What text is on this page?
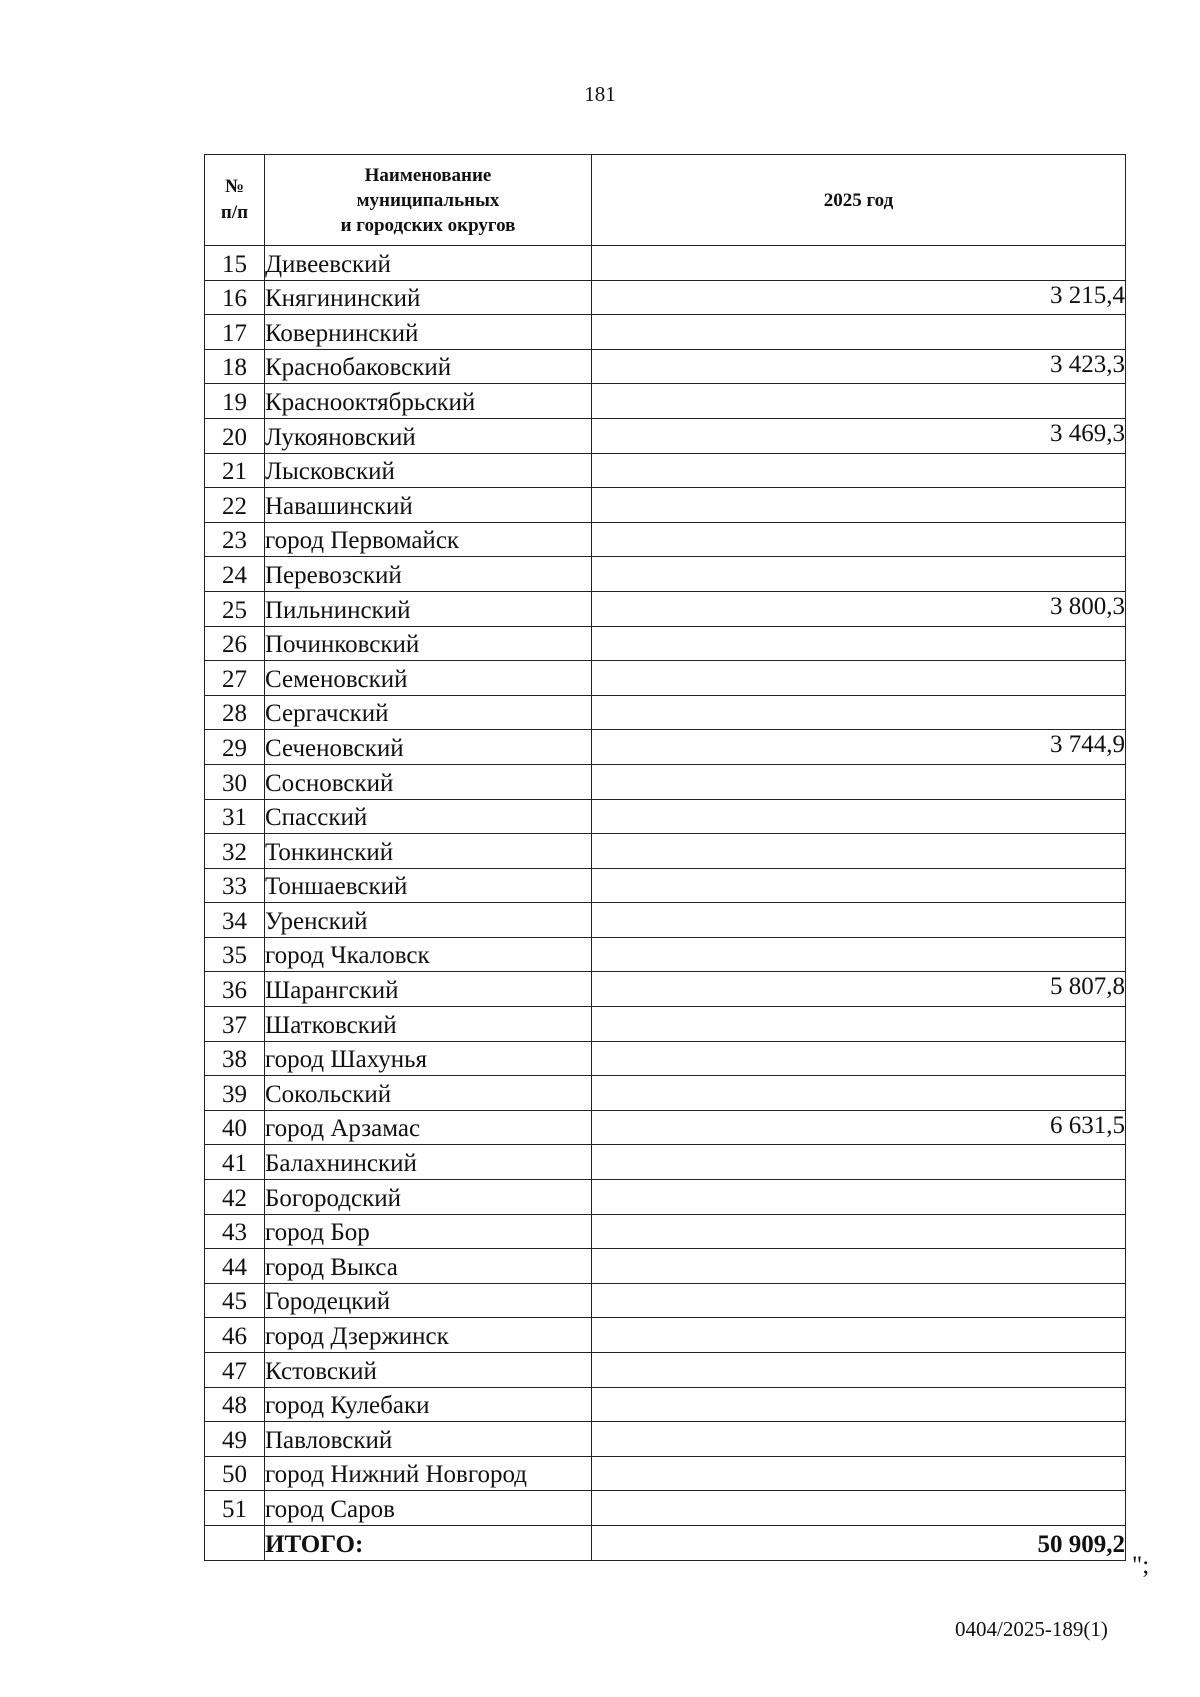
181
№
п/п	Наименование
муниципальных
и городских округов	2025 год
15	Дивеевский	
16	Княгининский	3 215,4
17	Ковернинский	
18	Краснобаковский	3 423,3
19	Краснооктябрьский	
20	Лукояновский	3 469,3
21	Лысковский	
22	Навашинский	
23	город Первомайск	
24	Перевозский	
25	Пильнинский	3 800,3
26	Починковский	
27	Семеновский	
28	Сергачский	
29	Сеченовский	3 744,9
30	Сосновский	
31	Спасский	
32	Тонкинский	
33	Тоншаевский	
34	Уренский	
35	город Чкаловск	
36	Шарангский	5 807,8
37	Шатковский	
38	город Шахунья	
39	Сокольский	
40	город Арзамас	6 631,5
41	Балахнинский	
42	Богородский	
43	город Бор	
44	город Выкса	
45	Городецкий	
46	город Дзержинск	
47	Кстовский	
48	город Кулебаки	
49	Павловский	
50	город Нижний Новгород	
51	город Саров	
	ИТОГО:	50 909,2
";
0404/2025-189(1)
